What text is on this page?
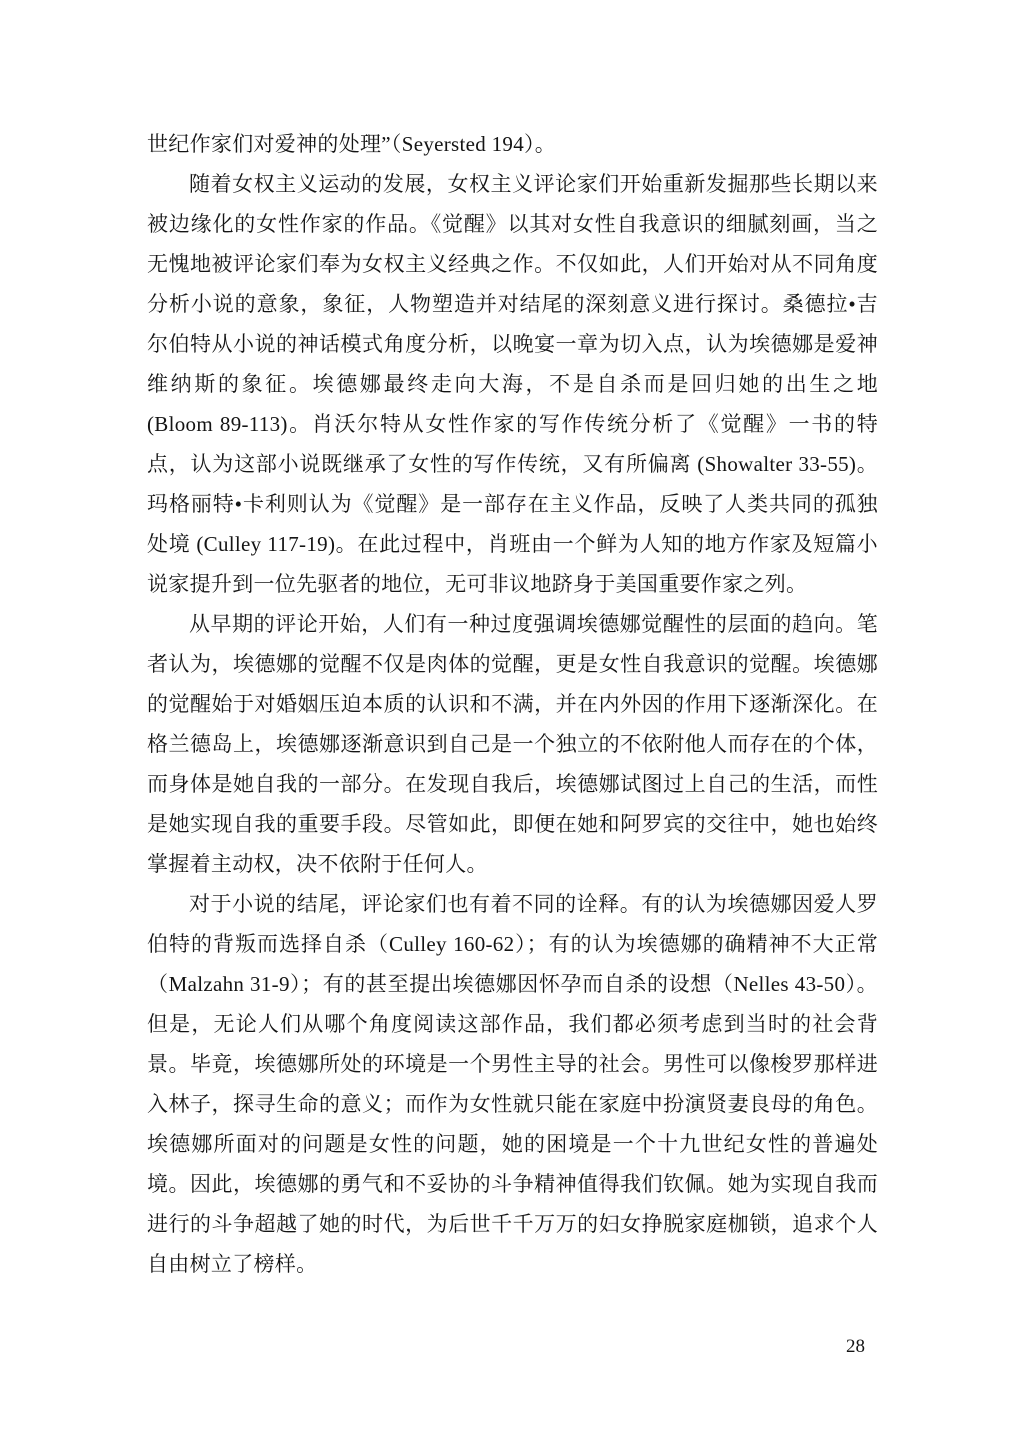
世纪作家们对爱神的处理”（Seyersted 194）。

随着女权主义运动的发展，女权主义评论家们开始重新发掘那些长期以来被边缘化的女性作家的作品。《觉醒》以其对女性自我意识的细腻刻画，当之无愧地被评论家们奉为女权主义经典之作。不仅如此，人们开始对从不同角度分析小说的意象，象征，人物塑造并对结尾的深刻意义进行探讨。桑德拉•吉尔伯特从小说的神话模式角度分析，以晚宴一章为切入点，认为埃德娜是爱神维纳斯的象征。埃德娜最终走向大海，不是自杀而是回归她的出生之地 (Bloom 89-113)。肖沃尔特从女性作家的写作传统分析了《觉醒》一书的特点，认为这部小说既继承了女性的写作传统，又有所偏离 (Showalter 33-55)。玛格丽特•卡利则认为《觉醒》是一部存在主义作品，反映了人类共同的孤独处境 (Culley 117-19)。在此过程中，肖班由一个鲜为人知的地方作家及短篇小说家提升到一位先驱者的地位，无可非议地跻身于美国重要作家之列。

从早期的评论开始，人们有一种过度强调埃德娜觉醒性的层面的趋向。笔者认为，埃德娜的觉醒不仅是肉体的觉醒，更是女性自我意识的觉醒。埃德娜的觉醒始于对婚姻压迫本质的认识和不满，并在内外因的作用下逐渐深化。在格兰德岛上，埃德娜逐渐意识到自己是一个独立的不依附他人而存在的个体，而身体是她自我的一部分。在发现自我后，埃德娜试图过上自己的生活，而性是她实现自我的重要手段。尽管如此，即便在她和阿罗宾的交往中，她也始终掌握着主动权，决不依附于任何人。

对于小说的结尾，评论家们也有着不同的诠释。有的认为埃德娜因爱人罗伯特的背叛而选择自杀（Culley 160-62）；有的认为埃德娜的确精神不大正常（Malzahn 31-9）；有的甚至提出埃德娜因怀孕而自杀的设想（Nelles 43-50）。但是，无论人们从哪个角度阅读这部作品，我们都必须考虑到当时的社会背景。毕竟，埃德娜所处的环境是一个男性主导的社会。男性可以像梭罗那样进入林子，探寻生命的意义；而作为女性就只能在家庭中扮演贤妻良母的角色。埃德娜所面对的问题是女性的问题，她的困境是一个十九世纪女性的普遍处境。因此，埃德娜的勇气和不妥协的斗争精神值得我们钦佩。她为实现自我而进行的斗争超越了她的时代，为后世千千万万的妇女挣脱家庭枷锁，追求个人自由树立了榜样。

28
